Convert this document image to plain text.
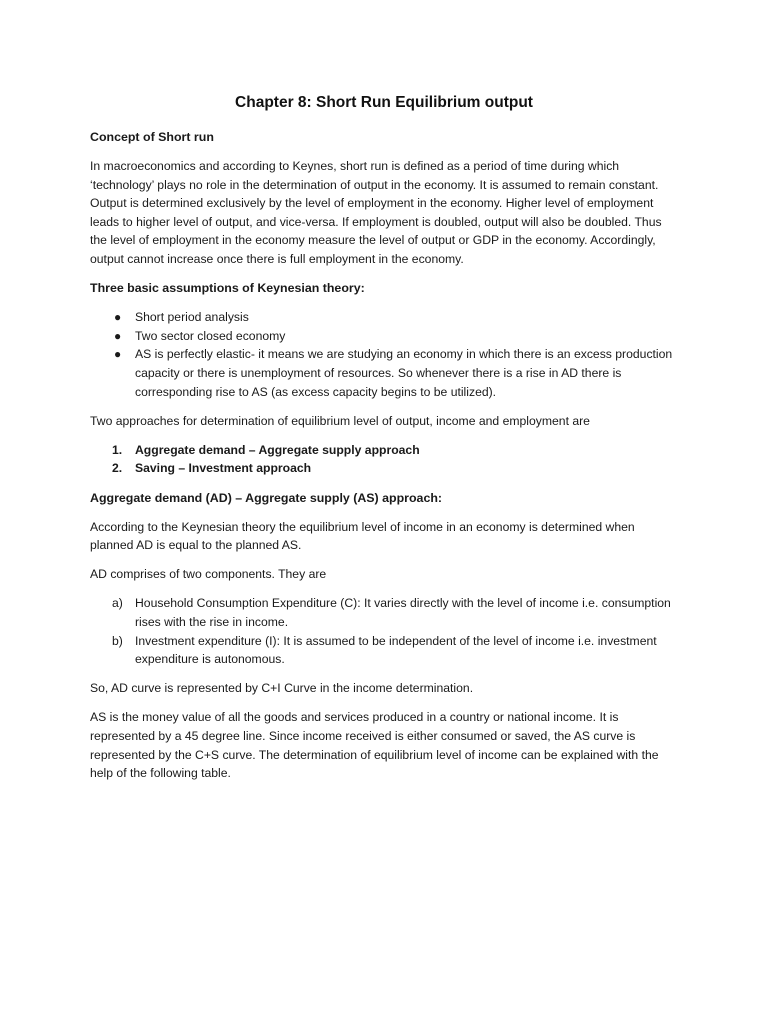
Chapter 8: Short Run Equilibrium output
Concept of Short run

In macroeconomics and according to Keynes, short run is defined as a period of time during which ‘technology’ plays no role in the determination of output in the economy. It is assumed to remain constant. Output is determined exclusively by the level of employment in the economy. Higher level of employment leads to higher level of output, and vice-versa. If employment is doubled, output will also be doubled. Thus the level of employment in the economy measure the level of output or GDP in the economy. Accordingly, output cannot increase once there is full employment in the economy.

Three basic assumptions of Keynesian theory:
● Short period analysis
● Two sector closed economy
● AS is perfectly elastic- it means we are studying an economy in which there is an excess production capacity or there is unemployment of resources. So whenever there is a rise in AD there is corresponding rise to AS (as excess capacity begins to be utilized).

Two approaches for determination of equilibrium level of output, income and employment are

1. Aggregate demand – Aggregate supply approach
2. Saving – Investment approach
Aggregate demand (AD) – Aggregate supply (AS) approach:

According to the Keynesian theory the equilibrium level of income in an economy is determined when planned AD is equal to the planned AS.

AD comprises of two components. They are

a) Household Consumption Expenditure (C): It varies directly with the level of income i.e. consumption rises with the rise in income.
b) Investment expenditure (I): It is assumed to be independent of the level of income i.e. investment expenditure is autonomous.

So, AD curve is represented by C+I Curve in the income determination.

AS is the money value of all the goods and services produced in a country or national income. It is represented by a 45 degree line. Since income received is either consumed or saved, the AS curve is represented by the C+S curve. The determination of equilibrium level of income can be explained with the help of the following table.
